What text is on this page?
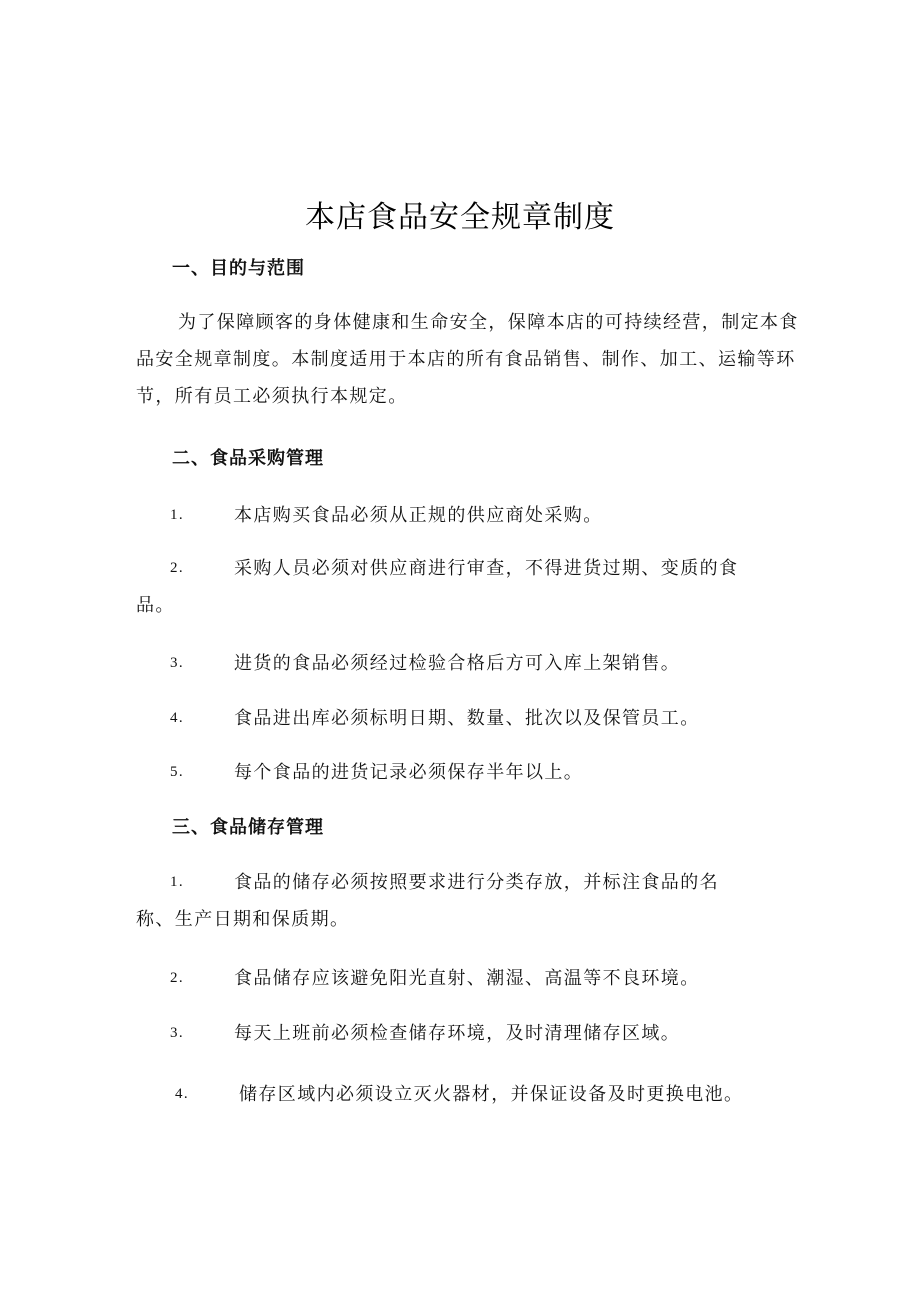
本店食品安全规章制度
一、目的与范围

为了保障顾客的身体健康和生命安全，保障本店的可持续经营，制定本食品安全规章制度。本制度适用于本店的所有食品销售、制作、加工、运输等环节，所有员工必须执行本规定。

二、食品采购管理
1.	本店购买食品必须从正规的供应商处采购。
2.	采购人员必须对供应商进行审查，不得进货过期、变质的食品。
3.	进货的食品必须经过检验合格后方可入库上架销售。
4.	食品进出库必须标明日期、数量、批次以及保管员工。
5.	每个食品的进货记录必须保存半年以上。
三、食品储存管理
1.	食品的储存必须按照要求进行分类存放，并标注食品的名称、生产日期和保质期。
2.	食品储存应该避免阳光直射、潮湿、高温等不良环境。
3.	每天上班前必须检查储存环境，及时清理储存区域。
4.	储存区域内必须设立灭火器材，并保证设备及时更换电池。
